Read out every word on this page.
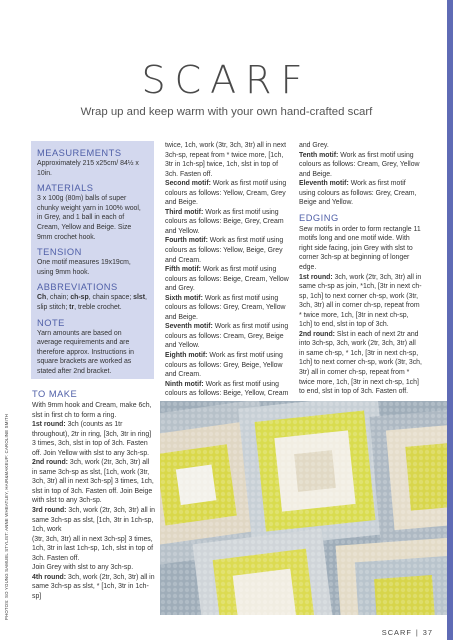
SCARF
Wrap up and keep warm with your own hand-crafted scarf
MEASUREMENTS
Approximately 215 x25cm/ 84½ x 10in.
MATERIALS
3 x 100g (80m) balls of super chunky weight yarn in 100% wool, in Grey, and 1 ball in each of Cream, Yellow and Beige. Size 9mm crochet hook.
TENSION
One motif measures 19x19cm, using 9mm hook.
ABBREVIATIONS
Ch, chain; ch-sp, chain space; slst, slip stitch; tr, treble crochet.
NOTE
Yarn amounts are based on average requirements and are therefore approx. Instructions in square brackets are worked as stated after 2nd bracket.
TO MAKE

With 9mm hook and Cream, make 6ch, slst in first ch to form a ring.

1st round: 3ch (counts as 1tr throughout), 2tr in ring, [3ch, 3tr in ring] 3 times, 3ch, slst in top of 3ch. Fasten off. Join Yellow with slst to any 3ch-sp.

2nd round: 3ch, work (2tr, 3ch, 3tr) all in same 3ch-sp as slst, [1ch, work (3tr, 3ch, 3tr) all in next 3ch-sp] 3 times, 1ch, slst in top of 3ch. Fasten off. Join Beige with slst to any 3ch-sp.

3rd round: 3ch, work (2tr, 3ch, 3tr) all in same 3ch-sp as slst, [1ch, 3tr in 1ch-sp, 1ch, work

(3tr, 3ch, 3tr) all in next 3ch-sp] 3 times, 1ch, 3tr in last 1ch-sp, 1ch, slst in top of 3ch. Fasten off.

Join Grey with slst to any 3ch-sp.

4th round: 3ch, work (2tr, 3ch, 3tr) all in same 3ch-sp as slst, * [1ch, 3tr in 1ch-sp]

twice, 1ch, work (3tr, 3ch, 3tr) all in next 3ch-sp, repeat from * twice more, [1ch, 3tr in 1ch-sp] twice, 1ch, slst in top of 3ch. Fasten off.

Second motif: Work as first motif using colours as follows: Yellow, Cream, Grey and Beige.

Third motif: Work as first motif using colours as follows: Beige, Grey, Cream and Yellow.

Fourth motif: Work as first motif using colours as follows: Yellow, Beige, Grey and Cream.

Fifth motif: Work as first motif using colours as follows: Beige, Cream, Yellow and Grey.

Sixth motif: Work as first motif using colours as follows: Grey, Cream, Yellow and Beige.

Seventh motif: Work as first motif using colours as follows: Cream, Grey, Beige and Yellow.

Eighth motif: Work as first motif using colours as follows: Grey, Beige, Yellow and Cream.

Ninth motif: Work as first motif using colours as follows: Beige, Yellow, Cream

and Grey.

Tenth motif: Work as first motif using colours as follows: Cream, Grey, Yellow and Beige.

Eleventh motif: Work as first motif using colours as follows: Grey, Cream, Beige and Yellow.

EDGING

Sew motifs in order to form rectangle 11 motifs long and one motif wide. With right side facing, join Grey with slst to corner 3ch-sp at beginning of longer edge.

1st round: 3ch, work (2tr, 3ch, 3tr) all in same ch-sp as join, *1ch, [3tr in next ch-sp, 1ch] to next corner ch-sp, work (3tr, 3ch, 3tr) all in corner ch-sp, repeat from * twice more, 1ch, [3tr in next ch-sp, 1ch] to end, slst in top of 3ch.

2nd round: Slst in each of next 2tr and into 3ch-sp, 3ch, work (2tr, 3ch, 3tr) all in same ch-sp, * 1ch, [3tr in next ch-sp, 1ch] to next corner ch-sp, work (3tr, 3ch, 3tr) all in corner ch-sp, repeat from * twice more, 1ch, [3tr in next ch-sp, 1ch] to end, slst in top of 3ch. Fasten off.

PHOTOS: SO YOUNG SAMUEL STYLIST: ANNE WHEATLEY, HAIR&MAKEUP: CAROLINE SMITH
SCARF | 37
